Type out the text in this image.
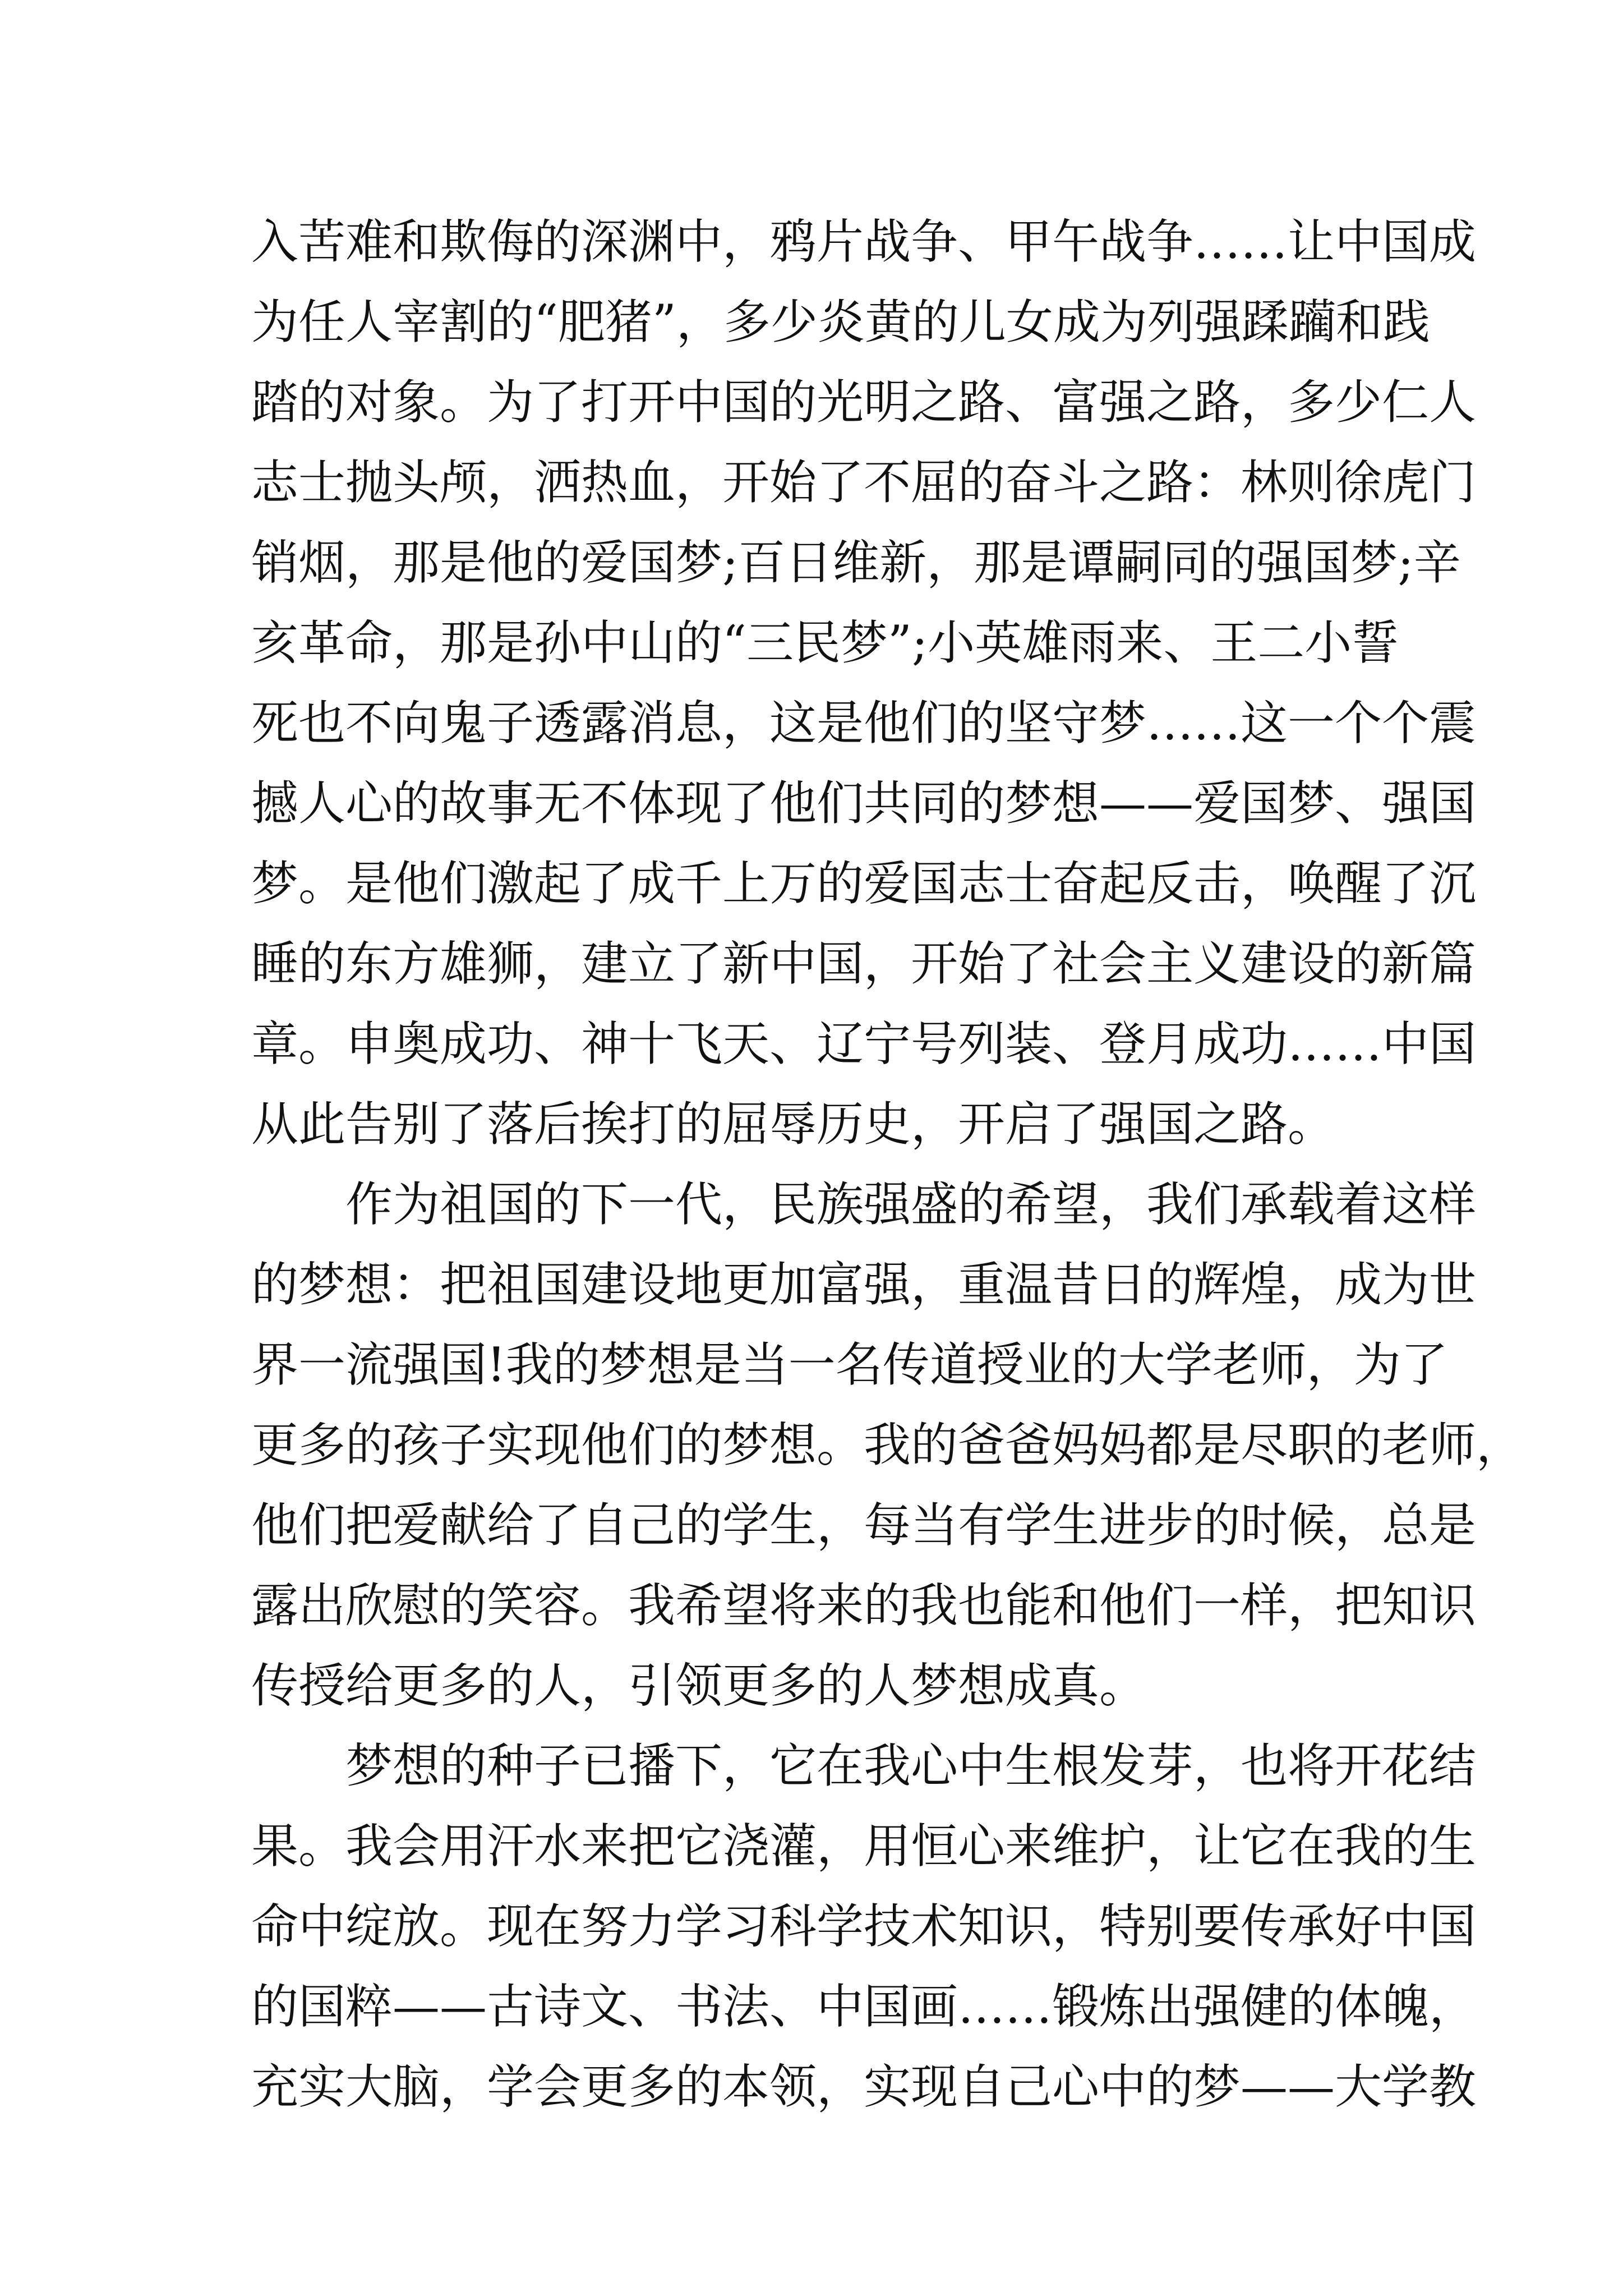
入苦难和欺侮的深渊中，鸦片战争、甲午战争……让中国成
为任人宰割的“肥猪”，多少炎黄的儿女成为列强蹂躏和践
踏的对象。为了打开中国的光明之路、富强之路，多少仁人
志士抛头颅，洒热血，开始了不屈的奋斗之路：林则徐虎门
销烟，那是他的爱国梦;百日维新，那是谭嗣同的强国梦;辛
亥革命，那是孙中山的“三民梦”;小英雄雨来、王二小誓
死也不向鬼子透露消息，这是他们的坚守梦……这一个个震
撼人心的故事无不体现了他们共同的梦想——爱国梦、强国
梦。是他们激起了成千上万的爱国志士奋起反击，唤醒了沉
睡的东方雄狮，建立了新中国，开始了社会主义建设的新篇
章。申奥成功、神十飞天、辽宁号列装、登月成功……中国
从此告别了落后挨打的屈辱历史，开启了强国之路。
作为祖国的下一代，民族强盛的希望，我们承载着这样
的梦想：把祖国建设地更加富强，重温昔日的辉煌，成为世
界一流强国!我的梦想是当一名传道授业的大学老师，为了
更多的孩子实现他们的梦想。我的爸爸妈妈都是尽职的老师，
他们把爱献给了自己的学生，每当有学生进步的时候，总是
露出欣慰的笑容。我希望将来的我也能和他们一样，把知识
传授给更多的人，引领更多的人梦想成真。
梦想的种子已播下，它在我心中生根发芽，也将开花结
果。我会用汗水来把它浇灌，用恒心来维护，让它在我的生
命中绽放。现在努力学习科学技术知识，特别要传承好中国
的国粹——古诗文、书法、中国画……锻炼出强健的体魄，
充实大脑，学会更多的本领，实现自己心中的梦——大学教
